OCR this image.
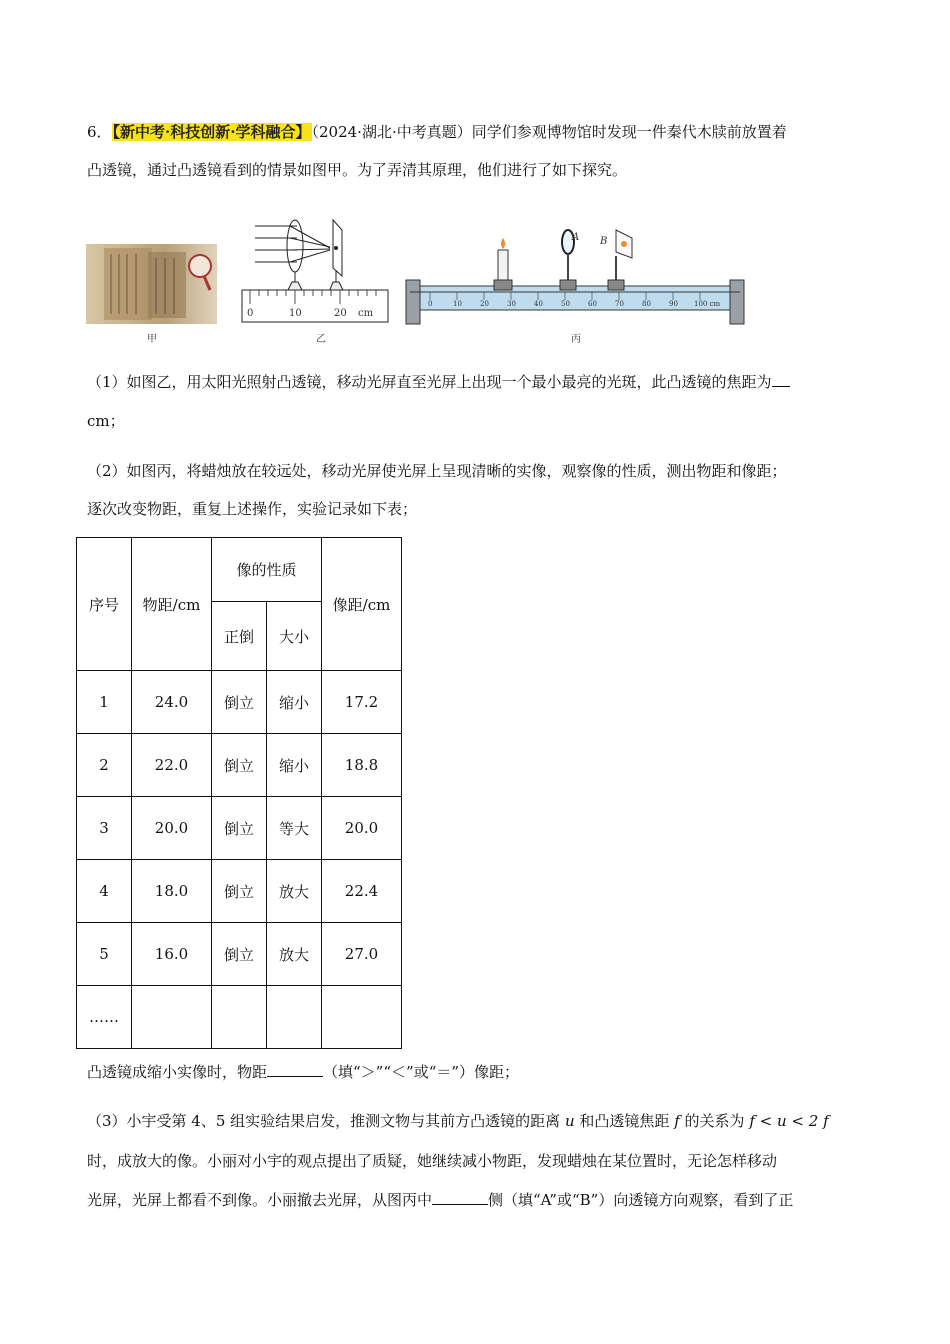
6．【新中考·科技创新·学科融合】（2024·湖北·中考真题）同学们参观博物馆时发现一件秦代木牍前放置着
凸透镜，通过凸透镜看到的情景如图甲。为了弄清其原理，他们进行了如下探究。
甲
0	10	20 cm
乙
A B
0	10	20	30	40	50	60	70	80	90 100 cm
丙
（1）如图乙，用太阳光照射凸透镜，移动光屏直至光屏上出现一个最小最亮的光斑，此凸透镜的焦距为
cm；
（2）如图丙，将蜡烛放在较远处，移动光屏使光屏上呈现清晰的实像，观察像的性质，测出物距和像距；
逐次改变物距，重复上述操作，实验记录如下表；
序号	物距/cm	像的性质		像距/cm
		正倒	大小	
1	24.0	倒立	缩小	17.2
2	22.0	倒立	缩小	18.8
3	20.0	倒立	等大	20.0
4	18.0	倒立	放大	22.4
5	16.0	倒立	放大	27.0
……				
凸透镜成缩小实像时，物距	（填“＞”“＜”或“＝”）像距；
（3）小宇受第 4、5 组实验结果启发，推测文物与其前方凸透镜的距离 u 和凸透镜焦距 f 的关系为 f < u < 2 f
时，成放大的像。小丽对小宇的观点提出了质疑，她继续减小物距，发现蜡烛在某位置时，无论怎样移动
光屏，光屏上都看不到像。小丽撤去光屏，从图丙中	侧（填“A”或“B”）向透镜方向观察，看到了正
